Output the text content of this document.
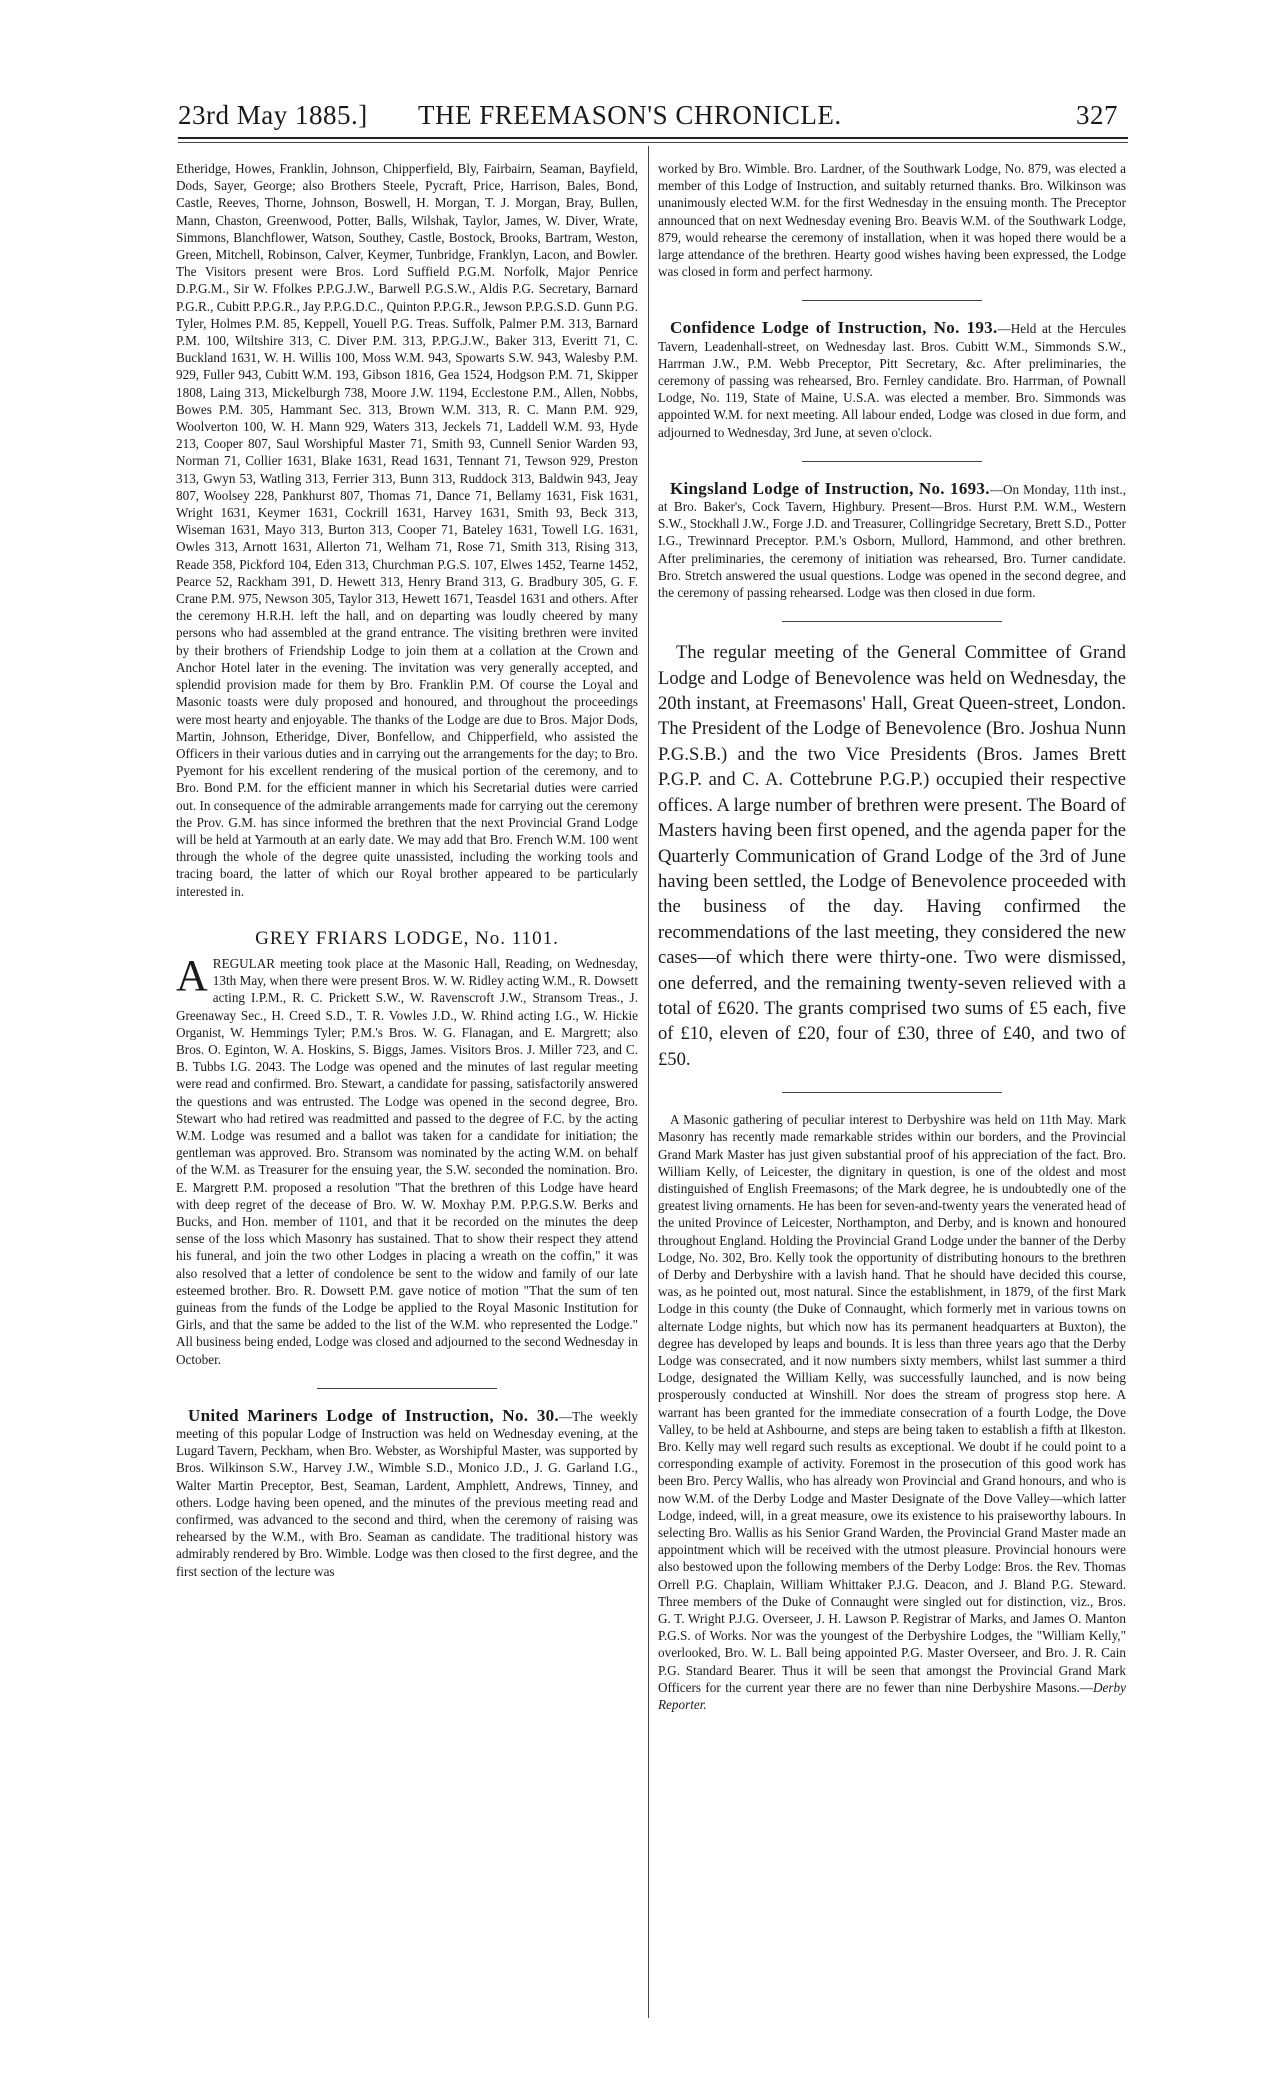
23rd May 1885.] THE FREEMASON'S CHRONICLE.	327

Etheridge, Howes, Franklin, Johnson, Chipperfield, Bly, Fairbairn, Seaman, Bayfield, Dods, Sayer, George; also Brothers Steele, Pycraft, Price, Harrison, Bales, Bond, Castle, Reeves, Thorne, Johnson, Boswell, H. Morgan, T. J. Morgan, Bray, Bullen, Mann, Chaston, Greenwood, Potter, Balls, Wilshak, Taylor, James, W. Diver, Wrate, Simmons, Blanchflower, Watson, Southey, Castle, Bostock, Brooks, Bartram, Weston, Green, Mitchell, Robinson, Calver, Keymer, Tunbridge, Franklyn, Lacon, and Bowler. The Visitors present were Bros. Lord Suffield P.G.M. Norfolk, Major Penrice D.P.G.M., Sir W. Ffolkes P.P.G.J.W., Barwell P.G.S.W., Aldis P.G. Secretary, Barnard P.G.R., Cubitt P.P.G.R., Jay P.P.G.D.C., Quinton P.P.G.R., Jewson P.P.G.S.D. Gunn P.G. Tyler, Holmes P.M. 85, Keppell, Youell P.G. Treas. Suffolk, Palmer P.M. 313, Barnard P.M. 100, Wiltshire 313, C. Diver P.M. 313, P.P.G.J.W., Baker 313, Everitt 71, C. Buckland 1631, W. H. Willis 100, Moss W.M. 943, Spowarts S.W. 943, Walesby P.M. 929, Fuller 943, Cubitt W.M. 193, Gibson 1816, Gea 1524, Hodgson P.M. 71, Skipper 1808, Laing 313, Mickelburgh 738, Moore J.W. 1194, Ecclestone P.M., Allen, Nobbs, Bowes P.M. 305, Hammant Sec. 313, Brown W.M. 313, R. C. Mann P.M. 929, Woolverton 100, W. H. Mann 929, Waters 313, Jeckels 71, Laddell W.M. 93, Hyde 213, Cooper 807, Saul Worshipful Master 71, Smith 93, Cunnell Senior Warden 93, Norman 71, Collier 1631, Blake 1631, Read 1631, Tennant 71, Tewson 929, Preston 313, Gwyn 53, Watling 313, Ferrier 313, Bunn 313, Ruddock 313, Baldwin 943, Jeay 807, Woolsey 228, Pankhurst 807, Thomas 71, Dance 71, Bellamy 1631, Fisk 1631, Wright 1631, Keymer 1631, Cockrill 1631, Harvey 1631, Smith 93, Beck 313, Wiseman 1631, Mayo 313, Burton 313, Cooper 71, Bateley 1631, Towell I.G. 1631, Owles 313, Arnott 1631, Allerton 71, Welham 71, Rose 71, Smith 313, Rising 313, Reade 358, Pickford 104, Eden 313, Churchman P.G.S. 107, Elwes 1452, Tearne 1452, Pearce 52, Rackham 391, D. Hewett 313, Henry Brand 313, G. Bradbury 305, G. F. Crane P.M. 975, Newson 305, Taylor 313, Hewett 1671, Teasdel 1631 and others. After the ceremony H.R.H. left the hall, and on departing was loudly cheered by many persons who had assembled at the grand entrance. The visiting brethren were invited by their brothers of Friendship Lodge to join them at a collation at the Crown and Anchor Hotel later in the evening. The invitation was very generally accepted, and splendid provision made for them by Bro. Franklin P.M. Of course the Loyal and Masonic toasts were duly proposed and honoured, and throughout the proceedings were most hearty and enjoyable. The thanks of the Lodge are due to Bros. Major Dods, Martin, Johnson, Etheridge, Diver, Bonfellow, and Chipperfield, who assisted the Officers in their various duties and in carrying out the arrangements for the day; to Bro. Pyemont for his excellent rendering of the musical portion of the ceremony, and to Bro. Bond P.M. for the efficient manner in which his Secretarial duties were carried out. In consequence of the admirable arrangements made for carrying out the ceremony the Prov. G.M. has since informed the brethren that the next Provincial Grand Lodge will be held at Yarmouth at an early date. We may add that Bro. French W.M. 100 went through the whole of the degree quite unassisted, including the working tools and tracing board, the latter of which our Royal brother appeared to be particularly interested in.

GREY FRIARS LODGE, No. 1101.

AREGULAR meeting took place at the Masonic Hall, Reading, on Wednesday, 13th May, when there were present Bros. W. W. Ridley acting W.M., R. Dowsett acting I.P.M., R. C. Prickett S.W., W. Ravenscroft J.W., Stransom Treas., J. Greenaway Sec., H. Creed S.D., T. R. Vowles J.D., W. Rhind acting I.G., W. Hickie Organist, W. Hemmings Tyler; P.M.'s Bros. W. G. Flanagan, and E. Margrett; also Bros. O. Eginton, W. A. Hoskins, S. Biggs, James. Visitors Bros. J. Miller 723, and C. B. Tubbs I.G. 2043. The Lodge was opened and the minutes of last regular meeting were read and confirmed. Bro. Stewart, a candidate for passing, satisfactorily answered the questions and was entrusted. The Lodge was opened in the second degree, Bro. Stewart who had retired was readmitted and passed to the degree of F.C. by the acting W.M. Lodge was resumed and a ballot was taken for a candidate for initiation; the gentleman was approved. Bro. Stransom was nominated by the acting W.M. on behalf of the W.M. as Treasurer for the ensuing year, the S.W. seconded the nomination. Bro. E. Margrett P.M. proposed a resolution "That the brethren of this Lodge have heard with deep regret of the decease of Bro. W. W. Moxhay P.M. P.P.G.S.W. Berks and Bucks, and Hon. member of 1101, and that it be recorded on the minutes the deep sense of the loss which Masonry has sustained. That to show their respect they attend his funeral, and join the two other Lodges in placing a wreath on the coffin," it was also resolved that a letter of condolence be sent to the widow and family of our late esteemed brother. Bro. R. Dowsett P.M. gave notice of motion "That the sum of ten guineas from the funds of the Lodge be applied to the Royal Masonic Institution for Girls, and that the same be added to the list of the W.M. who represented the Lodge." All business being ended, Lodge was closed and adjourned to the second Wednesday in October.

United Mariners Lodge of Instruction, No. 30.—The weekly meeting of this popular Lodge of Instruction was held on Wednesday evening, at the Lugard Tavern, Peckham, when Bro. Webster, as Worshipful Master, was supported by Bros. Wilkinson S.W., Harvey J.W., Wimble S.D., Monico J.D., J. G. Garland I.G., Walter Martin Preceptor, Best, Seaman, Lardent, Amphlett, Andrews, Tinney, and others. Lodge having been opened, and the minutes of the previous meeting read and confirmed, was advanced to the second and third, when the ceremony of raising was rehearsed by the W.M., with Bro. Seaman as candidate. The traditional history was admirably rendered by Bro. Wimble. Lodge was then closed to the first degree, and the first section of the lecture was

worked by Bro. Wimble. Bro. Lardner, of the Southwark Lodge, No. 879, was elected a member of this Lodge of Instruction, and suitably returned thanks. Bro. Wilkinson was unanimously elected W.M. for the first Wednesday in the ensuing month. The Preceptor announced that on next Wednesday evening Bro. Beavis W.M. of the Southwark Lodge, 879, would rehearse the ceremony of installation, when it was hoped there would be a large attendance of the brethren. Hearty good wishes having been expressed, the Lodge was closed in form and perfect harmony.

Confidence Lodge of Instruction, No. 193.—Held at the Hercules Tavern, Leadenhall-street, on Wednesday last. Bros. Cubitt W.M., Simmonds S.W., Harrman J.W., P.M. Webb Preceptor, Pitt Secretary, &c. After preliminaries, the ceremony of passing was rehearsed, Bro. Fernley candidate. Bro. Harrman, of Pownall Lodge, No. 119, State of Maine, U.S.A. was elected a member. Bro. Simmonds was appointed W.M. for next meeting. All labour ended, Lodge was closed in due form, and adjourned to Wednesday, 3rd June, at seven o'clock.

Kingsland Lodge of Instruction, No. 1693.—On Monday, 11th inst., at Bro. Baker's, Cock Tavern, Highbury. Present—Bros. Hurst P.M. W.M., Western S.W., Stockhall J.W., Forge J.D. and Treasurer, Collingridge Secretary, Brett S.D., Potter I.G., Trewinnard Preceptor. P.M.'s Osborn, Mullord, Hammond, and other brethren. After preliminaries, the ceremony of initiation was rehearsed, Bro. Turner candidate. Bro. Stretch answered the usual questions. Lodge was opened in the second degree, and the ceremony of passing rehearsed. Lodge was then closed in due form.

The regular meeting of the General Committee of Grand Lodge and Lodge of Benevolence was held on Wednesday, the 20th instant, at Freemasons' Hall, Great Queen-street, London. The President of the Lodge of Benevolence (Bro. Joshua Nunn P.G.S.B.) and the two Vice Presidents (Bros. James Brett P.G.P. and C. A. Cottebrune P.G.P.) occupied their respective offices. A large number of brethren were present. The Board of Masters having been first opened, and the agenda paper for the Quarterly Communication of Grand Lodge of the 3rd of June having been settled, the Lodge of Benevolence proceeded with the business of the day. Having confirmed the recommendations of the last meeting, they considered the new cases—of which there were thirty-one. Two were dismissed, one deferred, and the remaining twenty-seven relieved with a total of £620. The grants comprised two sums of £5 each, five of £10, eleven of £20, four of £30, three of £40, and two of £50.

A Masonic gathering of peculiar interest to Derbyshire was held on 11th May. Mark Masonry has recently made remarkable strides within our borders, and the Provincial Grand Mark Master has just given substantial proof of his appreciation of the fact. Bro. William Kelly, of Leicester, the dignitary in question, is one of the oldest and most distinguished of English Freemasons; of the Mark degree, he is undoubtedly one of the greatest living ornaments. He has been for seven-and-twenty years the venerated head of the united Province of Leicester, Northampton, and Derby, and is known and honoured throughout England. Holding the Provincial Grand Lodge under the banner of the Derby Lodge, No. 302, Bro. Kelly took the opportunity of distributing honours to the brethren of Derby and Derbyshire with a lavish hand. That he should have decided this course, was, as he pointed out, most natural. Since the establishment, in 1879, of the first Mark Lodge in this county (the Duke of Connaught, which formerly met in various towns on alternate Lodge nights, but which now has its permanent headquarters at Buxton), the degree has developed by leaps and bounds. It is less than three years ago that the Derby Lodge was consecrated, and it now numbers sixty members, whilst last summer a third Lodge, designated the William Kelly, was successfully launched, and is now being prosperously conducted at Winshill. Nor does the stream of progress stop here. A warrant has been granted for the immediate consecration of a fourth Lodge, the Dove Valley, to be held at Ashbourne, and steps are being taken to establish a fifth at Ilkeston. Bro. Kelly may well regard such results as exceptional. We doubt if he could point to a corresponding example of activity. Foremost in the prosecution of this good work has been Bro. Percy Wallis, who has already won Provincial and Grand honours, and who is now W.M. of the Derby Lodge and Master Designate of the Dove Valley—which latter Lodge, indeed, will, in a great measure, owe its existence to his praiseworthy labours. In selecting Bro. Wallis as his Senior Grand Warden, the Provincial Grand Master made an appointment which will be received with the utmost pleasure. Provincial honours were also bestowed upon the following members of the Derby Lodge: Bros. the Rev. Thomas Orrell P.G. Chaplain, William Whittaker P.J.G. Deacon, and J. Bland P.G. Steward. Three members of the Duke of Connaught were singled out for distinction, viz., Bros. G. T. Wright P.J.G. Overseer, J. H. Lawson P. Registrar of Marks, and James O. Manton P.G.S. of Works. Nor was the youngest of the Derbyshire Lodges, the "William Kelly," overlooked, Bro. W. L. Ball being appointed P.G. Master Overseer, and Bro. J. R. Cain P.G. Standard Bearer. Thus it will be seen that amongst the Provincial Grand Mark Officers for the current year there are no fewer than nine Derbyshire Masons.—Derby Reporter.
